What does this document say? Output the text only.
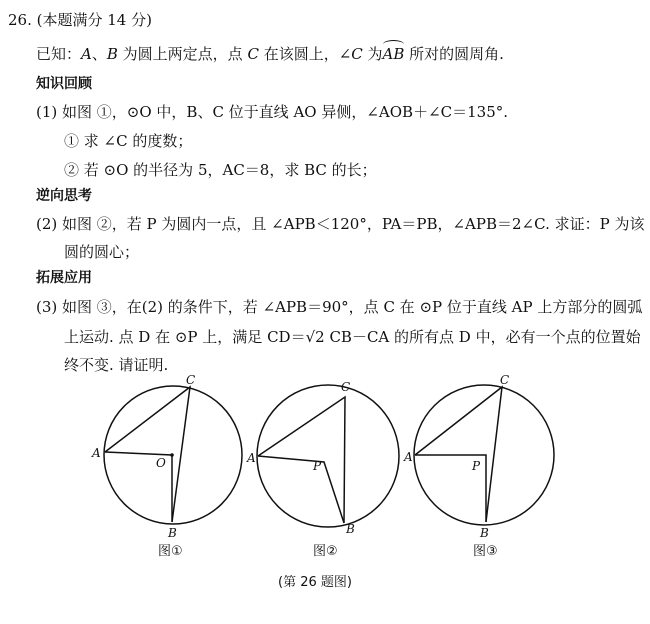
26. (本题满分 14 分)
已知：A、B 为圆上两定点，点 C 在该圆上，∠C 为AB 所对的圆周角.
知识回顾
(1) 如图 ①，⊙O 中，B、C 位于直线 AO 异侧，∠AOB＋∠C＝135°.
① 求 ∠C 的度数；
② 若 ⊙O 的半径为 5，AC＝8，求 BC 的长；
逆向思考
(2) 如图 ②，若 P 为圆内一点，且 ∠APB＜120°，PA＝PB，∠APB＝2∠C. 求证：P 为该
圆的圆心；
拓展应用
(3) 如图 ③，在(2) 的条件下，若 ∠APB＝90°，点 C 在 ⊙P 位于直线 AP 上方部分的圆弧
上运动. 点 D 在 ⊙P 上，满足 CD＝√2 CB－CA 的所有点 D 中，必有一个点的位置始
终不变. 请证明.
A
C
O
B
图①
A
C
P
B
图②
A
C
P
B
图③
(第 26 题图)
